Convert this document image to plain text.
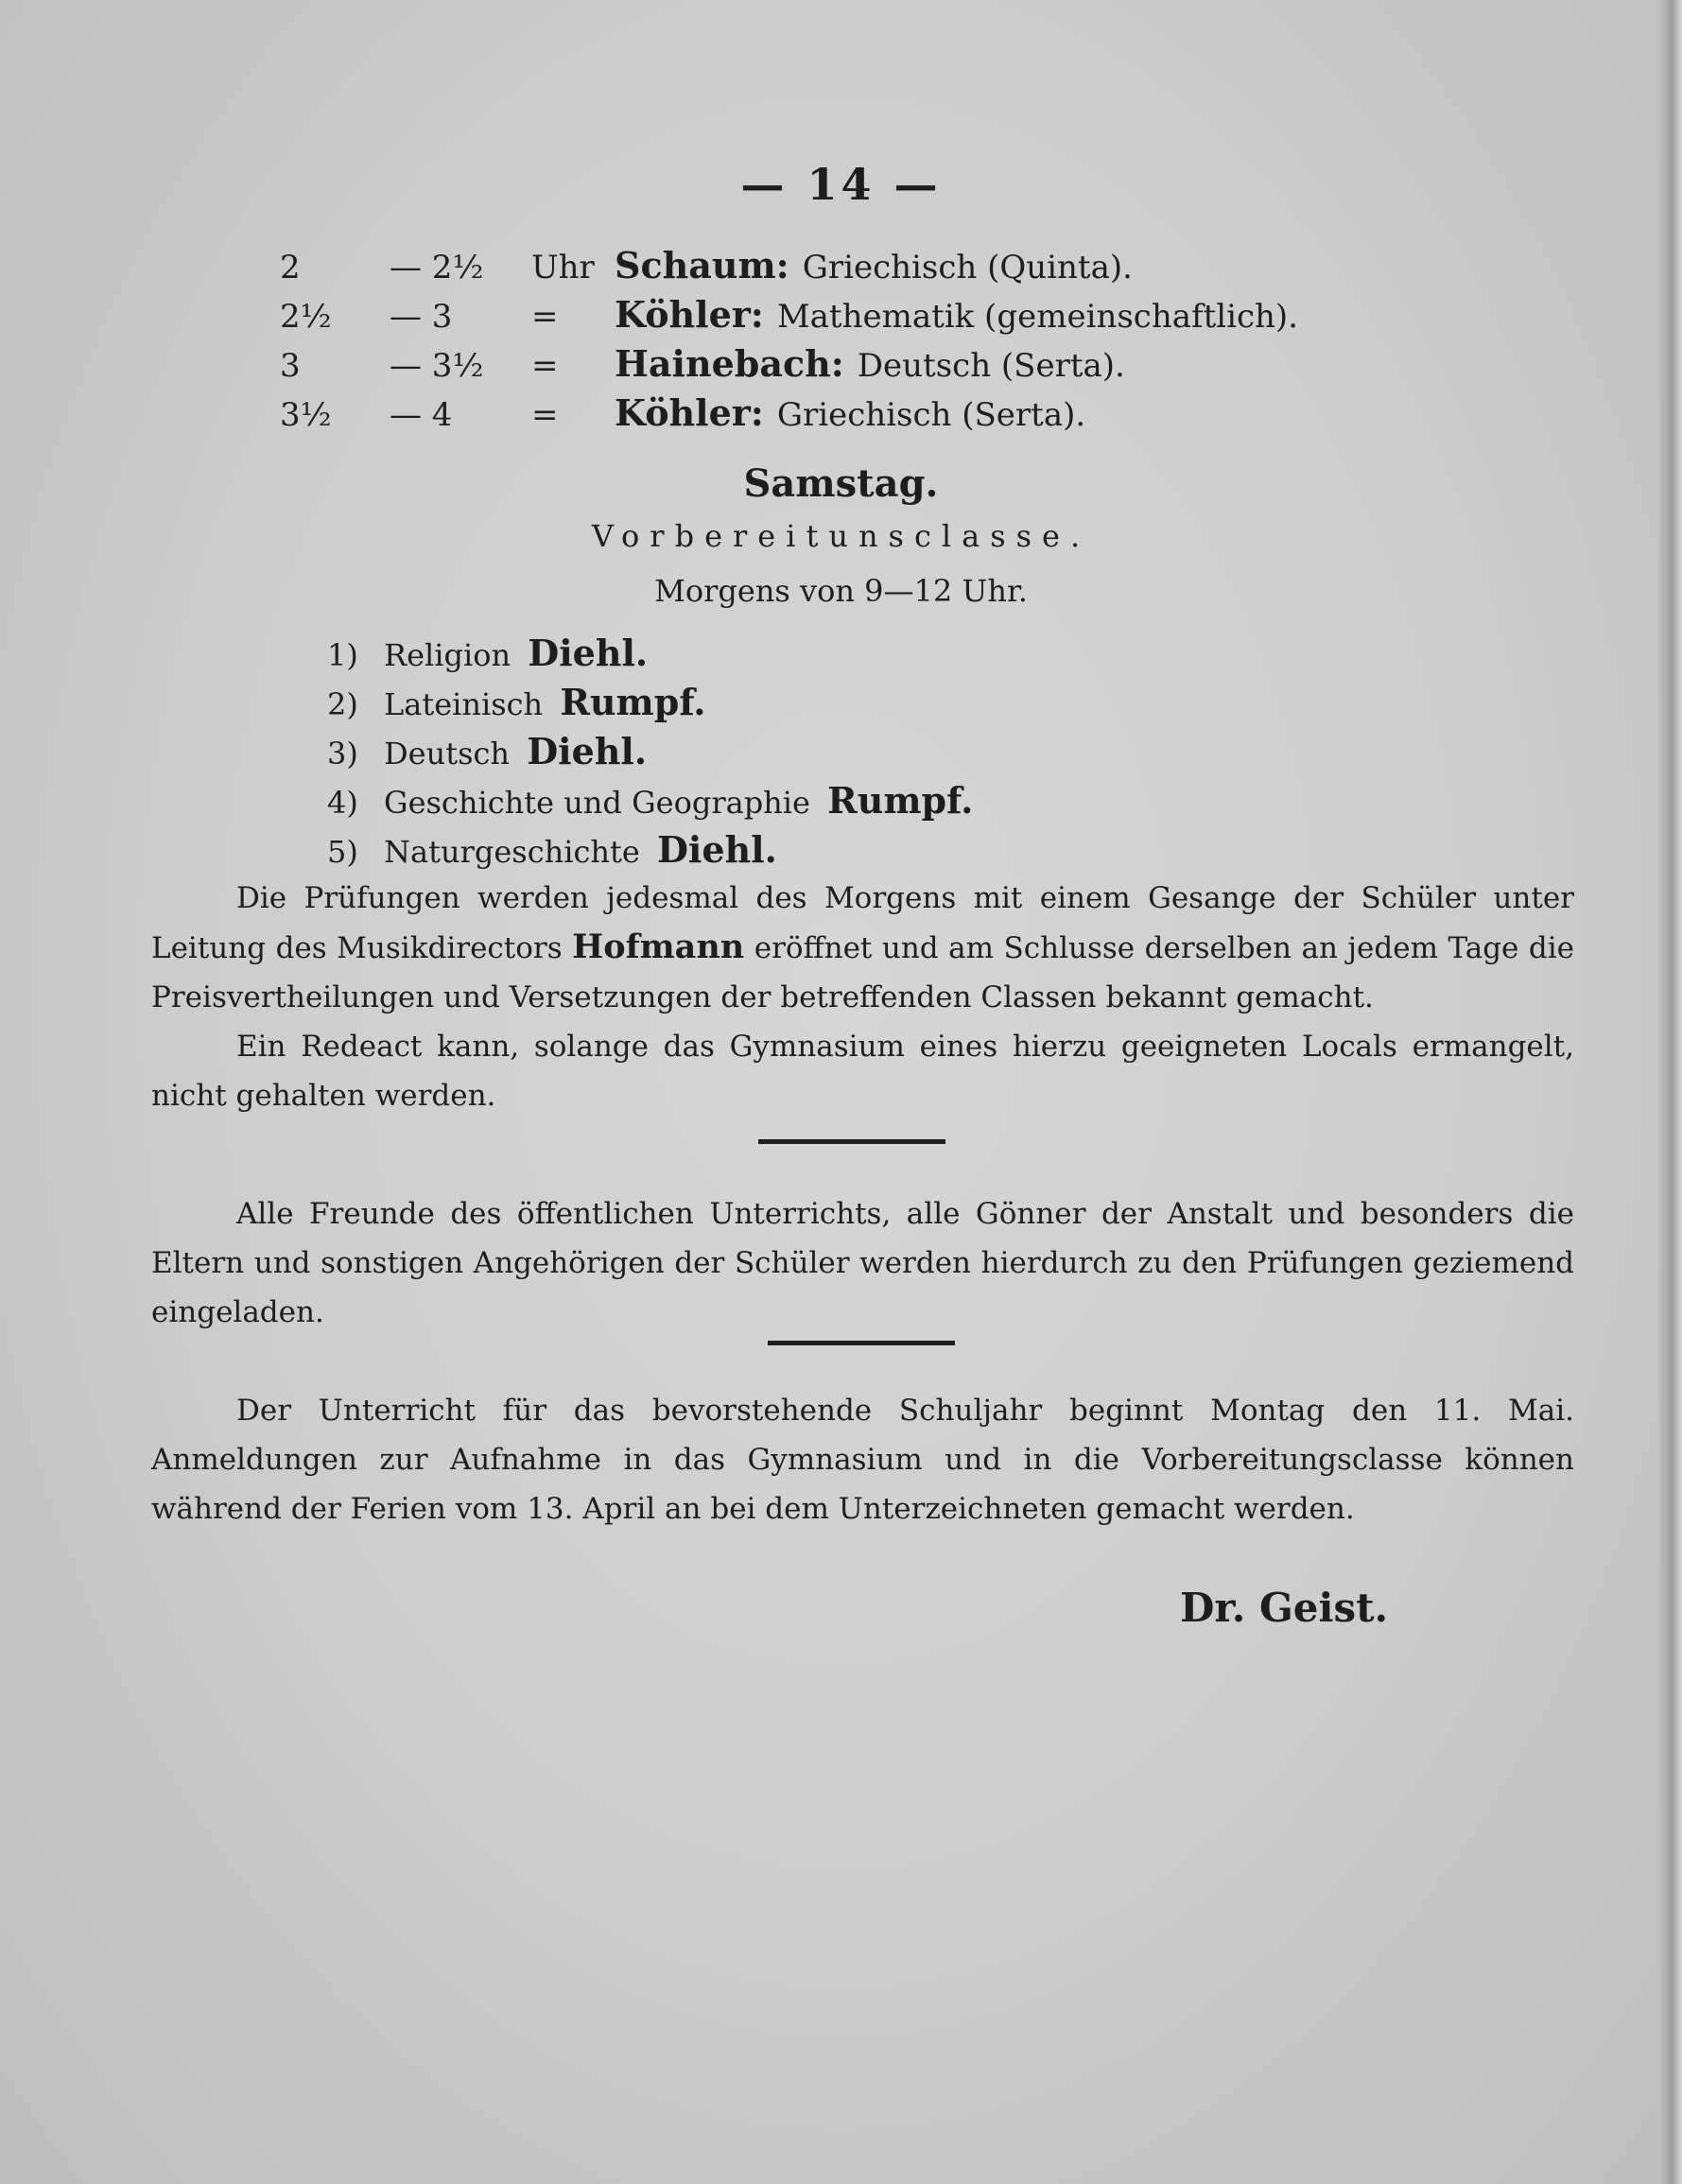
— 14 —
2	— 2½ Uhr Schaum: Griechisch (Quinta).
2½ — 3 = Köhler: Mathematik (gemeinschaftlich).
3	— 3½ = Hainebach: Deutsch (Serta).
3½ — 4 = Köhler: Griechisch (Serta).
Samstag.
Vorbereitunsclasse.
Morgens von 9—12 Uhr.
1) Religion Diehl.
2) Lateinisch Rumpf.
3) Deutsch Diehl.
4) Geschichte und Geographie Rumpf.
5) Naturgeschichte Diehl.

Die Prüfungen werden jedesmal des Morgens mit einem Gesange der Schüler unter Leitung des Musikdirectors Hofmann eröffnet und am Schlusse derselben an jedem Tage die Preisvertheilungen und Versetzungen der betreffenden Classen bekannt gemacht.

Ein Redeact kann, solange das Gymnasium eines hierzu geeigneten Locals ermangelt, nicht gehalten werden.

Alle Freunde des öffentlichen Unterrichts, alle Gönner der Anstalt und besonders die Eltern und sonstigen Angehörigen der Schüler werden hierdurch zu den Prüfungen geziemend eingeladen.

Der Unterricht für das bevorstehende Schuljahr beginnt Montag den 11. Mai. Anmeldungen zur Aufnahme in das Gymnasium und in die Vorbereitungsclasse können während der Ferien vom 13. April an bei dem Unterzeichneten gemacht werden.

Dr. Geist.
